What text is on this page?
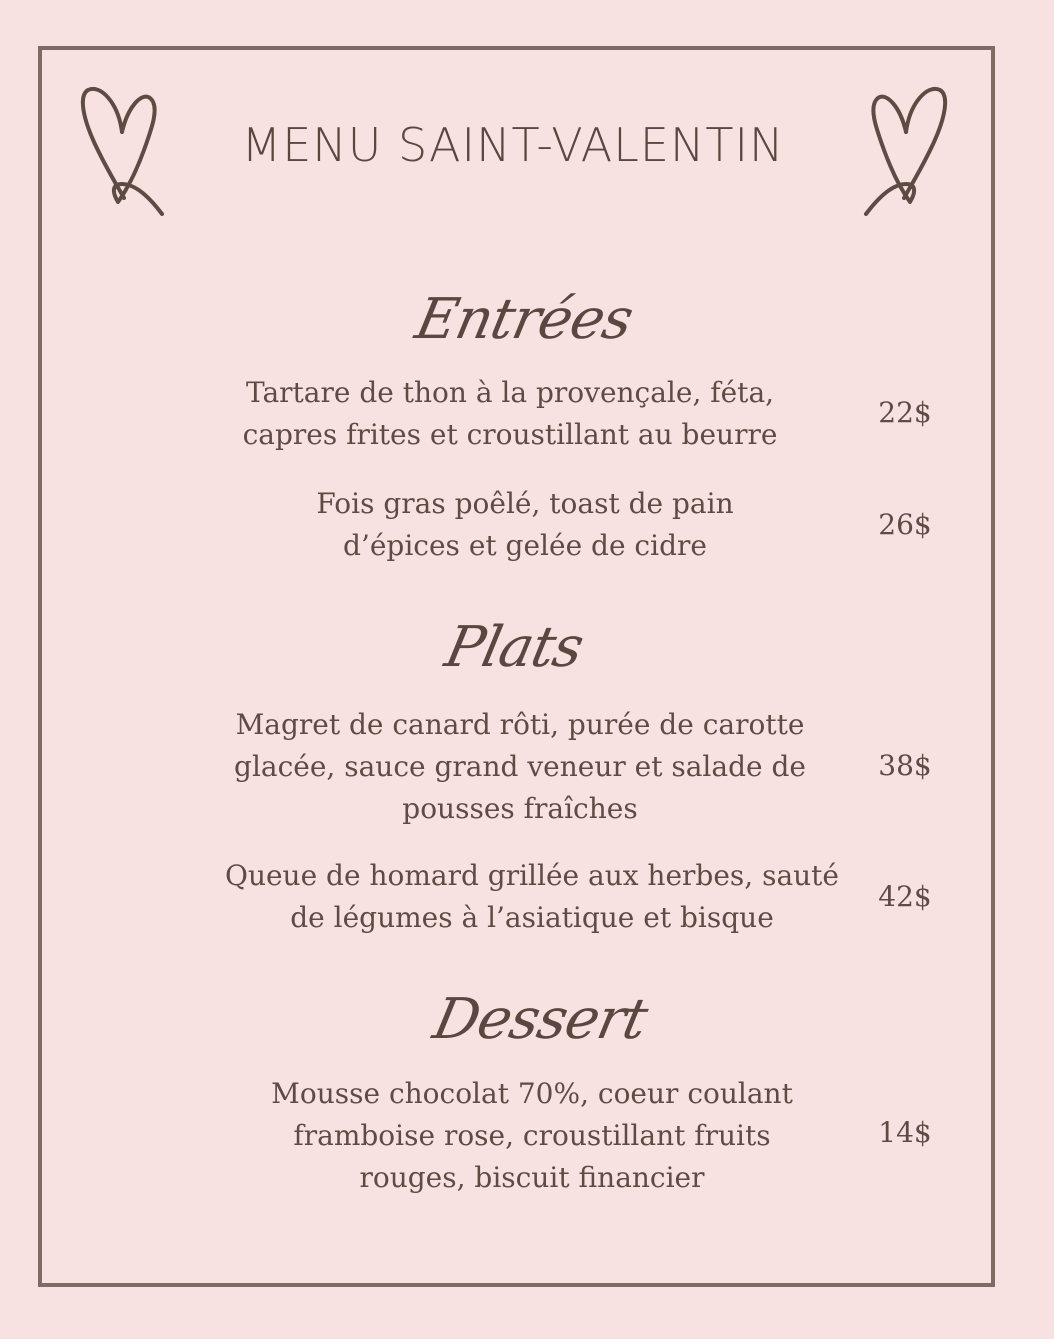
MENU SAINT-VALENTIN
Entrées
Tartare de thon à la provençale, féta, capres frites et croustillant au beurre
22$
Fois gras poêlé, toast de pain d’épices et gelée de cidre
26$
Plats
Magret de canard rôti, purée de carotte glacée, sauce grand veneur et salade de pousses fraîches
38$
Queue de homard grillée aux herbes, sauté de légumes à l’asiatique et bisque
42$
Dessert
Mousse chocolat 70%, coeur coulant framboise rose, croustillant fruits rouges, biscuit financier
14$
